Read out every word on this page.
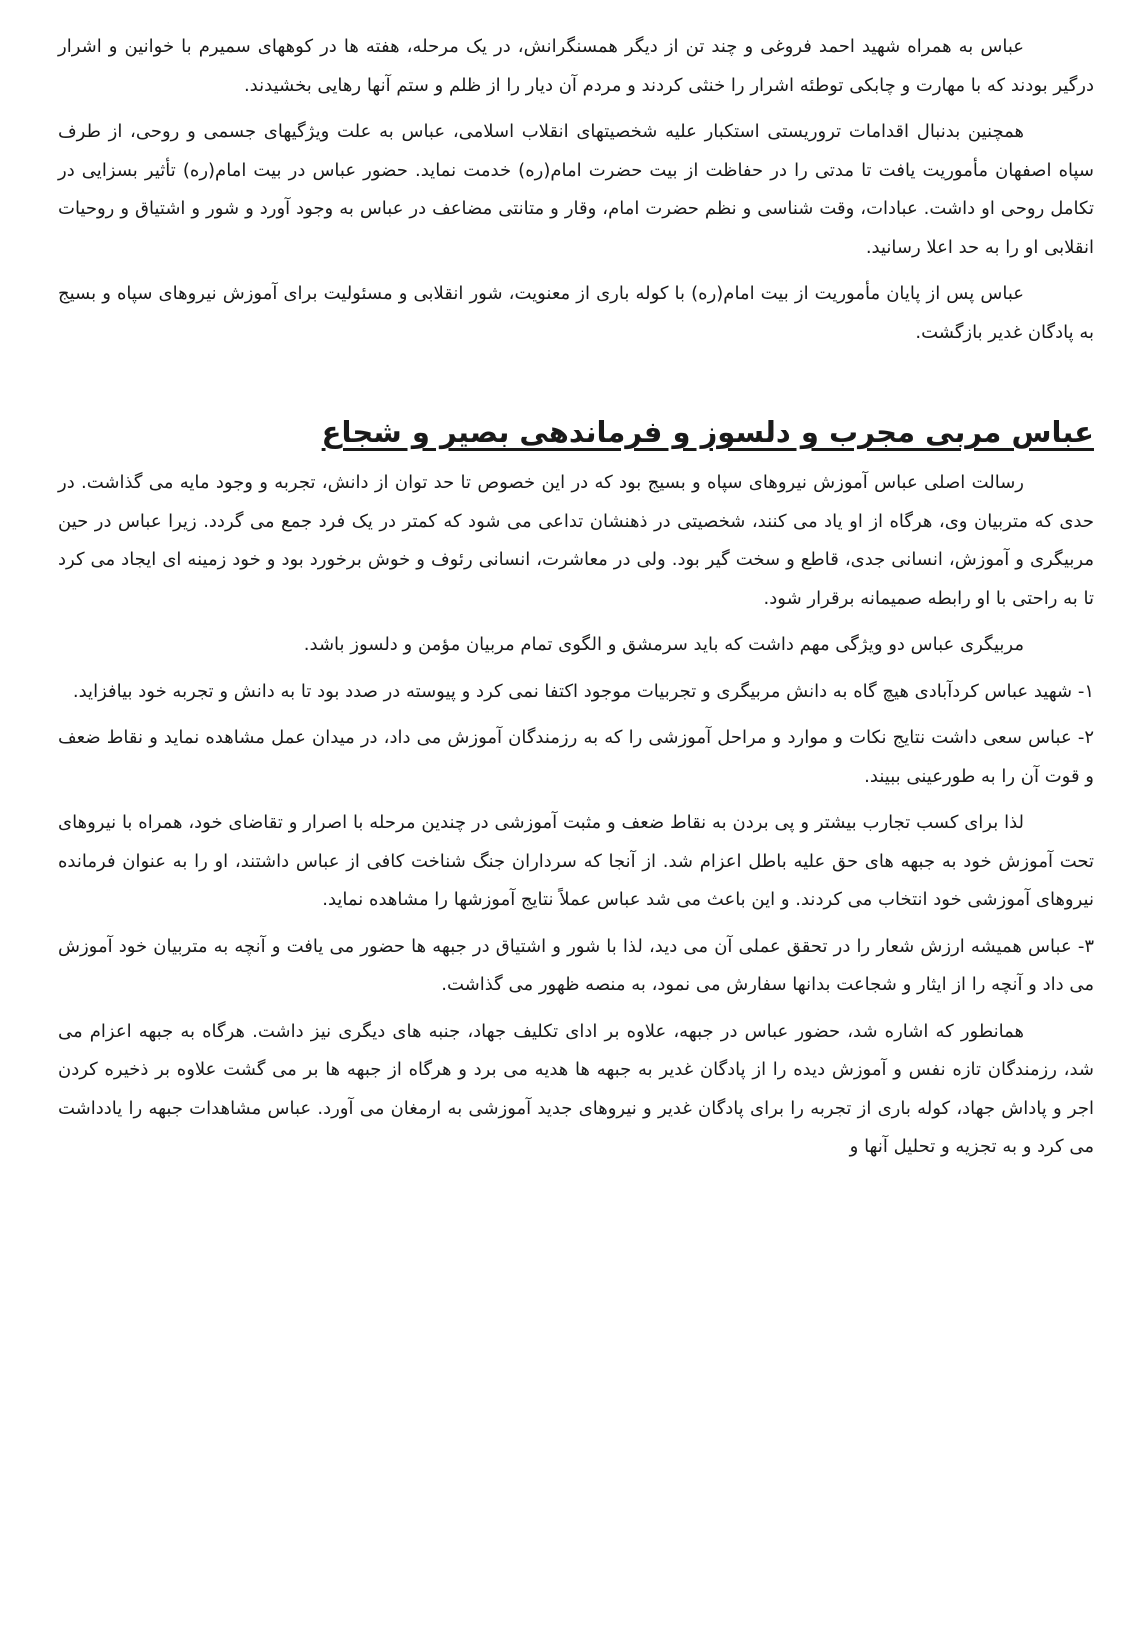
عباس به همراه شهید احمد فروغی و چند تن از دیگر همسنگرانش، در یک مرحله، هفته ها در کوههای سمیرم با خوانین و اشرار درگیر بودند که با مهارت و چابکی توطئه اشرار را خنثی کردند و مردم آن دیار را از ظلم و ستم آنها رهایی بخشیدند.

همچنین بدنبال اقدامات تروریستی استکبار علیه شخصیتهای انقلاب اسلامی، عباس به علت ویژگیهای جسمی و روحی، از طرف سپاه اصفهان مأموریت یافت تا مدتی را در حفاظت از بیت حضرت امام(ره) خدمت نماید. حضور عباس در بیت امام(ره) تأثیر بسزایی در تکامل روحی او داشت. عبادات، وقت شناسی و نظم حضرت امام، وقار و متانتی مضاعف در عباس به وجود آورد و شور و اشتیاق و روحیات انقلابی او را به حد اعلا رسانید.

عباس پس از پایان مأموریت از بیت امام(ره) با کوله باری از معنویت، شور انقلابی و مسئولیت برای آموزش نیروهای سپاه و بسیج به پادگان غدیر بازگشت.

عباس مربی مجرب و دلسوز و فرماندهی بصیر و شجاع

رسالت اصلی عباس آموزش نیروهای سپاه و بسیج بود که در این خصوص تا حد توان از دانش، تجربه و وجود مایه می گذاشت. در حدی که متربیان وی، هرگاه از او یاد می کنند، شخصیتی در ذهنشان تداعی می شود که کمتر در یک فرد جمع می گردد. زیرا عباس در حین مربیگری و آموزش، انسانی جدی، قاطع و سخت گیر بود. ولی در معاشرت، انسانی رئوف و خوش برخورد بود و خود زمینه ای ایجاد می کرد تا به راحتی با او رابطه صمیمانه برقرار شود.

مربیگری عباس دو ویژگی مهم داشت که باید سرمشق و الگوی تمام مربیان مؤمن و دلسوز باشد.

۱- شهید عباس کردآبادی هیچ گاه به دانش مربیگری و تجربیات موجود اکتفا نمی کرد و پیوسته در صدد بود تا به دانش و تجربه خود بیافزاید.

۲- عباس سعی داشت نتایج نکات و موارد و مراحل آموزشی را که به رزمندگان آموزش می داد، در میدان عمل مشاهده نماید و نقاط ضعف و قوت آن را به طورعینی ببیند.

لذا برای کسب تجارب بیشتر و پی بردن به نقاط ضعف و مثبت آموزشی در چندین مرحله با اصرار و تقاضای خود، همراه با نیروهای تحت آموزش خود به جبهه های حق علیه باطل اعزام شد. از آنجا که سرداران جنگ شناخت کافی از عباس داشتند، او را به عنوان فرمانده نیروهای آموزشی خود انتخاب می کردند. و این باعث می شد عباس عملاً نتایج آموزشها را مشاهده نماید.

۳- عباس همیشه ارزش شعار را در تحقق عملی آن می دید، لذا با شور و اشتیاق در جبهه ها حضور می یافت و آنچه به متربیان خود آموزش می داد و آنچه را از ایثار و شجاعت بدانها سفارش می نمود، به منصه ظهور می گذاشت.

همانطور که اشاره شد، حضور عباس در جبهه، علاوه بر ادای تکلیف جهاد، جنبه های دیگری نیز داشت. هرگاه به جبهه اعزام می شد، رزمندگان تازه نفس و آموزش دیده را از پادگان غدیر به جبهه ها هدیه می برد و هرگاه از جبهه ها بر می گشت علاوه بر ذخیره کردن اجر و پاداش جهاد، کوله باری از تجربه را برای پادگان غدیر و نیروهای جدید آموزشی به ارمغان می آورد. عباس مشاهدات جبهه را یادداشت می کرد و به تجزیه و تحلیل آنها و
